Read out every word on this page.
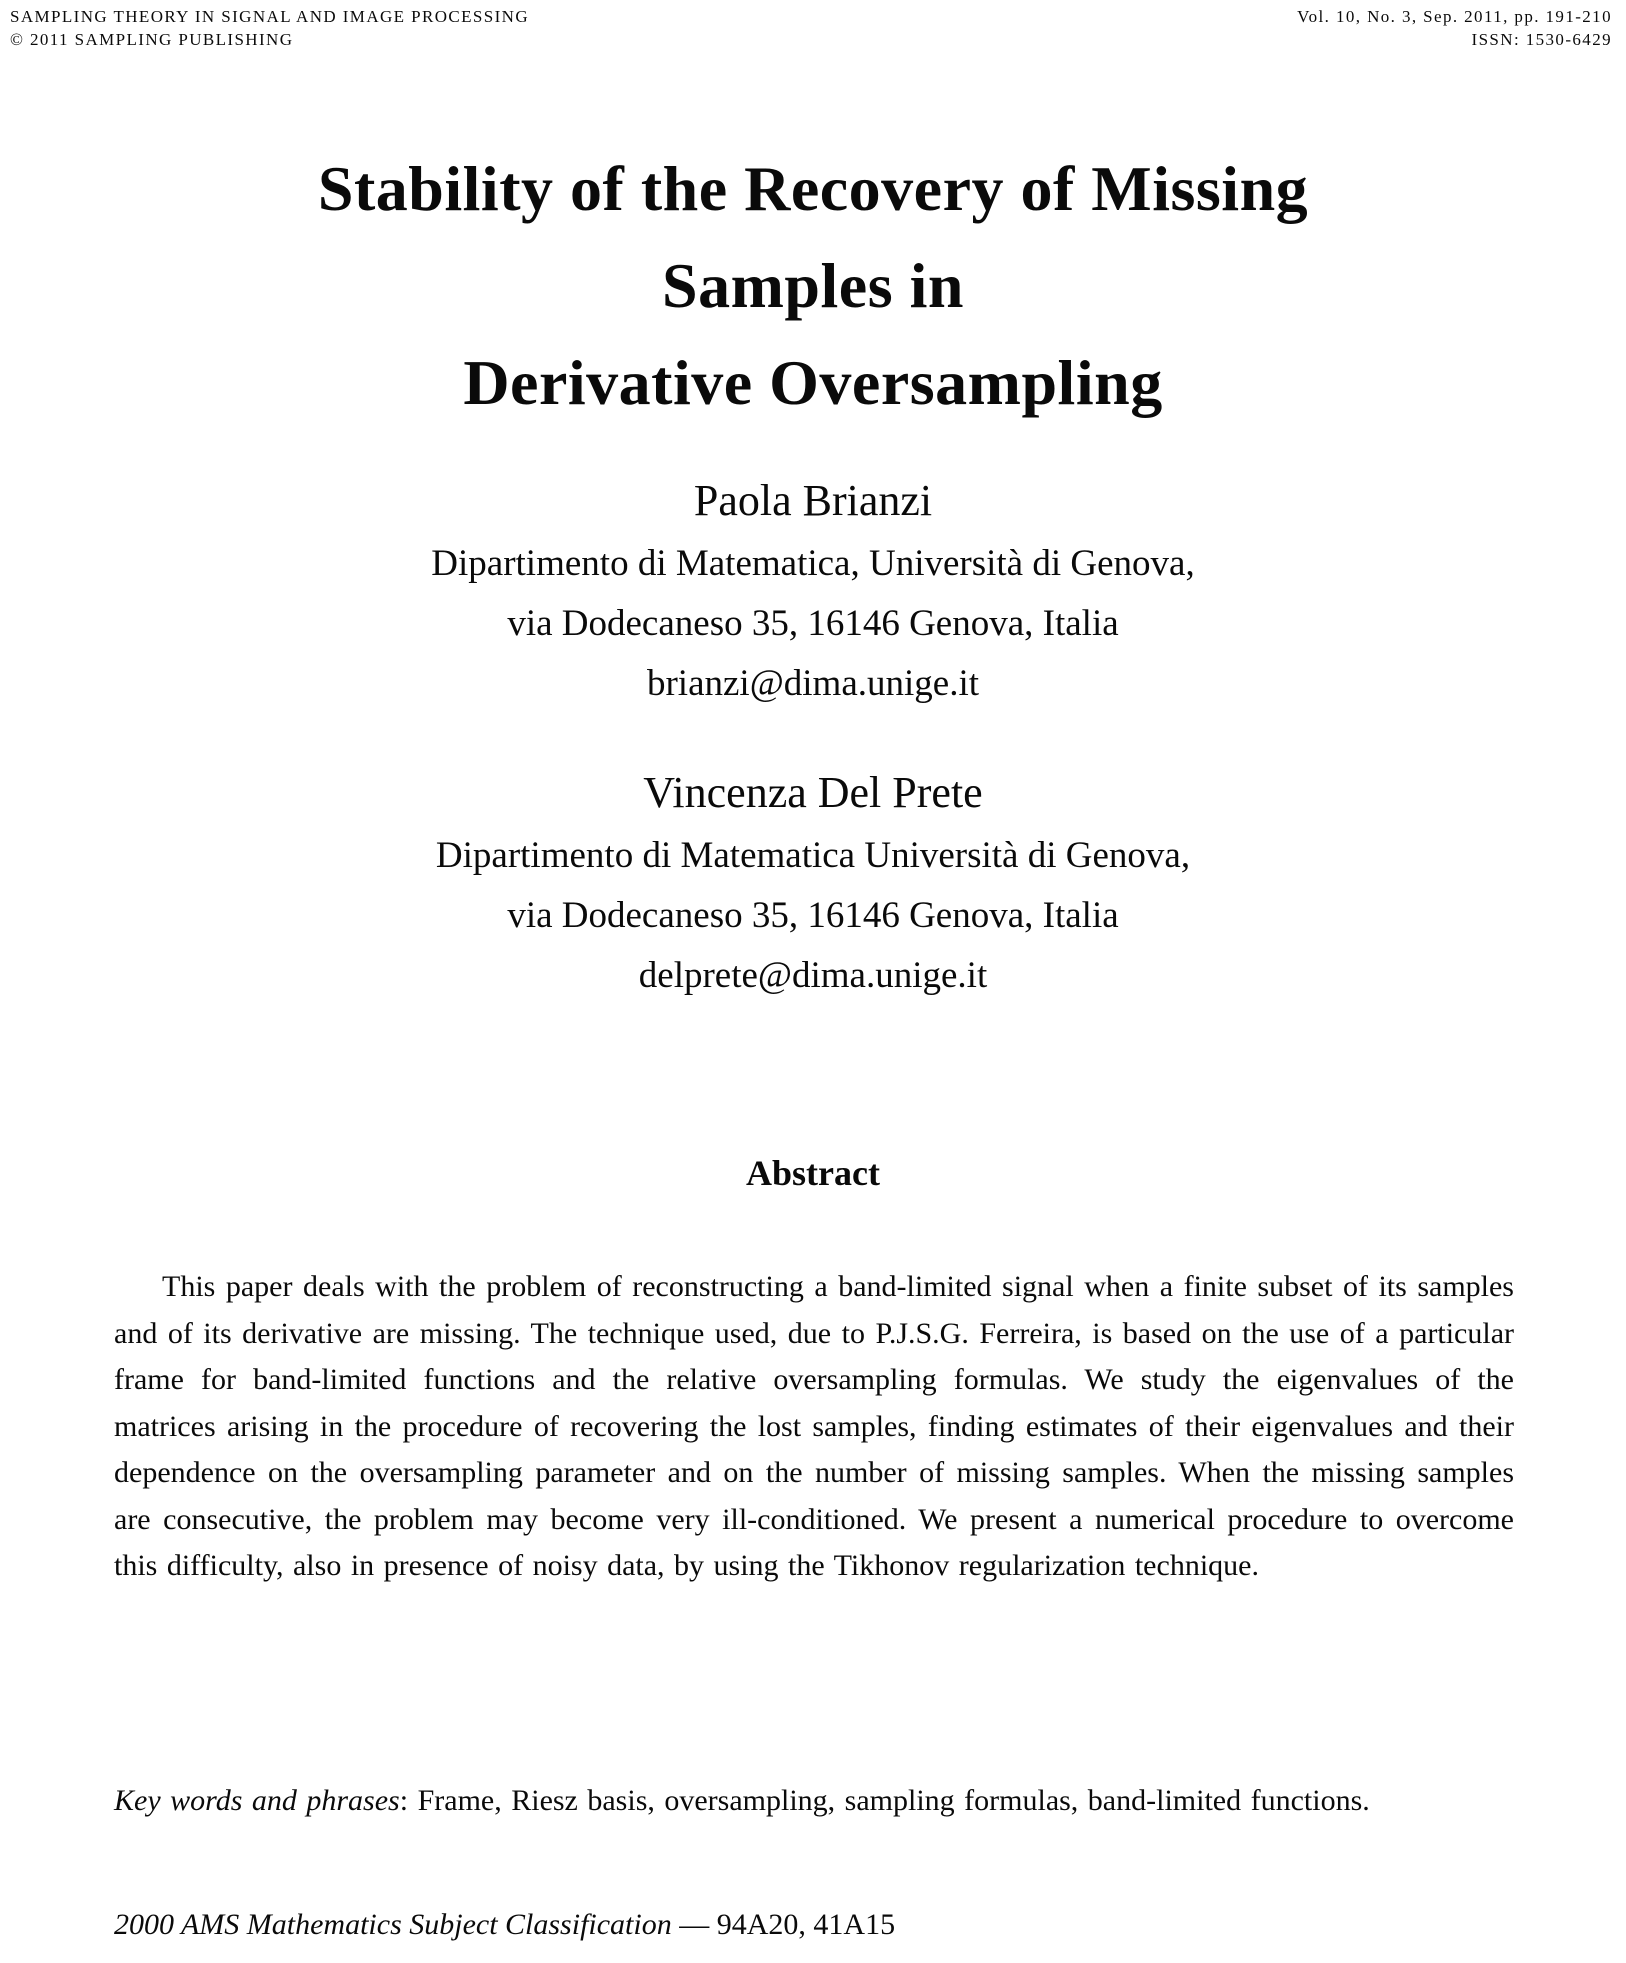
SAMPLING THEORY IN SIGNAL AND IMAGE PROCESSING
© 2011 SAMPLING PUBLISHING
Vol. 10, No. 3, Sep. 2011, pp. 191-210
ISSN: 1530-6429
Stability of the Recovery of Missing
Samples in
Derivative Oversampling
Paola Brianzi
Dipartimento di Matematica, Università di Genova,
via Dodecaneso 35, 16146 Genova, Italia
brianzi@dima.unige.it
Vincenza Del Prete
Dipartimento di Matematica Università di Genova,
via Dodecaneso 35, 16146 Genova, Italia
delprete@dima.unige.it
Abstract

This paper deals with the problem of reconstructing a band-limited signal when a finite subset of its samples and of its derivative are missing. The technique used, due to P.J.S.G. Ferreira, is based on the use of a particular frame for band-limited functions and the relative oversampling formulas. We study the eigenvalues of the matrices arising in the procedure of recovering the lost samples, finding estimates of their eigenvalues and their dependence on the oversampling parameter and on the number of missing samples. When the missing samples are consecutive, the problem may become very ill-conditioned. We present a numerical procedure to overcome this difficulty, also in presence of noisy data, by using the Tikhonov regularization technique.

Key words and phrases: Frame, Riesz basis, oversampling, sampling formulas, band-limited functions.

2000 AMS Mathematics Subject Classification — 94A20, 41A15
